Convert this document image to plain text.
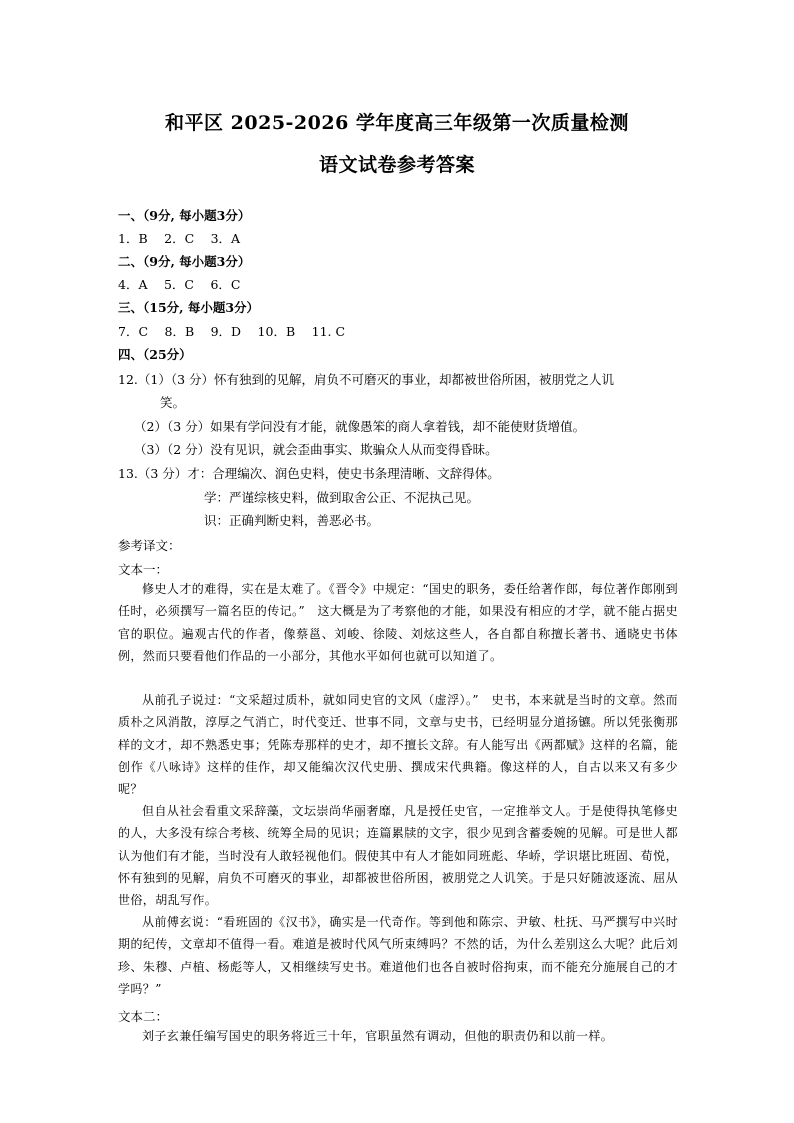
和平区 2025-2026 学年度高三年级第一次质量检测
语文试卷参考答案
一、（9分, 每小题3分）
1．B　 2．C　 3．A
二、（9分, 每小题3分）
4．A　 5．C　 6．C
三、（15分, 每小题3分）
7．C　 8．B　 9．D　 10．B　 11. C
四、（25分）
12.（1）（3 分）怀有独到的见解，肩负不可磨灭的事业，却都被世俗所困，被朋党之人讥
笑。
（2）（3 分）如果有学问没有才能，就像愚笨的商人拿着钱，却不能使财货增值。
（3）（2 分）没有见识，就会歪曲事实、欺骗众人从而变得昏昧。
13.（3 分）才：合理编次、润色史料，使史书条理清晰、文辞得体。
学：严谨综核史料，做到取舍公正、不泥执己见。
识：正确判断史料，善恶必书。
参考译文：
文本一：
修史人才的难得，实在是太难了。《晋令》中规定：“国史的职务，委任给著作郎，每位著作郎刚到任时，必须撰写一篇名臣的传记。”　这大概是为了考察他的才能，如果没有相应的才学，就不能占据史官的职位。遍观古代的作者，像蔡邕、刘峻、徐陵、刘炫这些人，各自都自称擅长著书、通晓史书体例，然而只要看他们作品的一小部分，其他水平如何也就可以知道了。
从前孔子说过：“文采超过质朴，就如同史官的文风（虚浮）。”　史书，本来就是当时的文章。然而质朴之风消散，淳厚之气消亡，时代变迁、世事不同，文章与史书，已经明显分道扬镳。所以凭张衡那样的文才，却不熟悉史事；凭陈寿那样的史才，却不擅长文辞。有人能写出《两都赋》这样的名篇，能创作《八咏诗》这样的佳作，却又能编次汉代史册、撰成宋代典籍。像这样的人，自古以来又有多少呢？
但自从社会看重文采辞藻，文坛崇尚华丽奢靡，凡是授任史官，一定推举文人。于是使得执笔修史的人，大多没有综合考核、统筹全局的见识；连篇累牍的文字，很少见到含蓄委婉的见解。可是世人都认为他们有才能，当时没有人敢轻视他们。假使其中有人才能如同班彪、华峤，学识堪比班固、荀悦，怀有独到的见解，肩负不可磨灭的事业，却都被世俗所困，被朋党之人讥笑。于是只好随波逐流、屈从世俗，胡乱写作。
从前傅玄说：“看班固的《汉书》，确实是一代奇作。等到他和陈宗、尹敏、杜抚、马严撰写中兴时期的纪传，文章却不值得一看。难道是被时代风气所束缚吗？不然的话，为什么差别这么大呢？此后刘珍、朱穆、卢植、杨彪等人，又相继续写史书。难道他们也各自被时俗拘束，而不能充分施展自己的才学吗？”
文本二：
刘子玄兼任编写国史的职务将近三十年，官职虽然有调动，但他的职责仍和以前一样。
